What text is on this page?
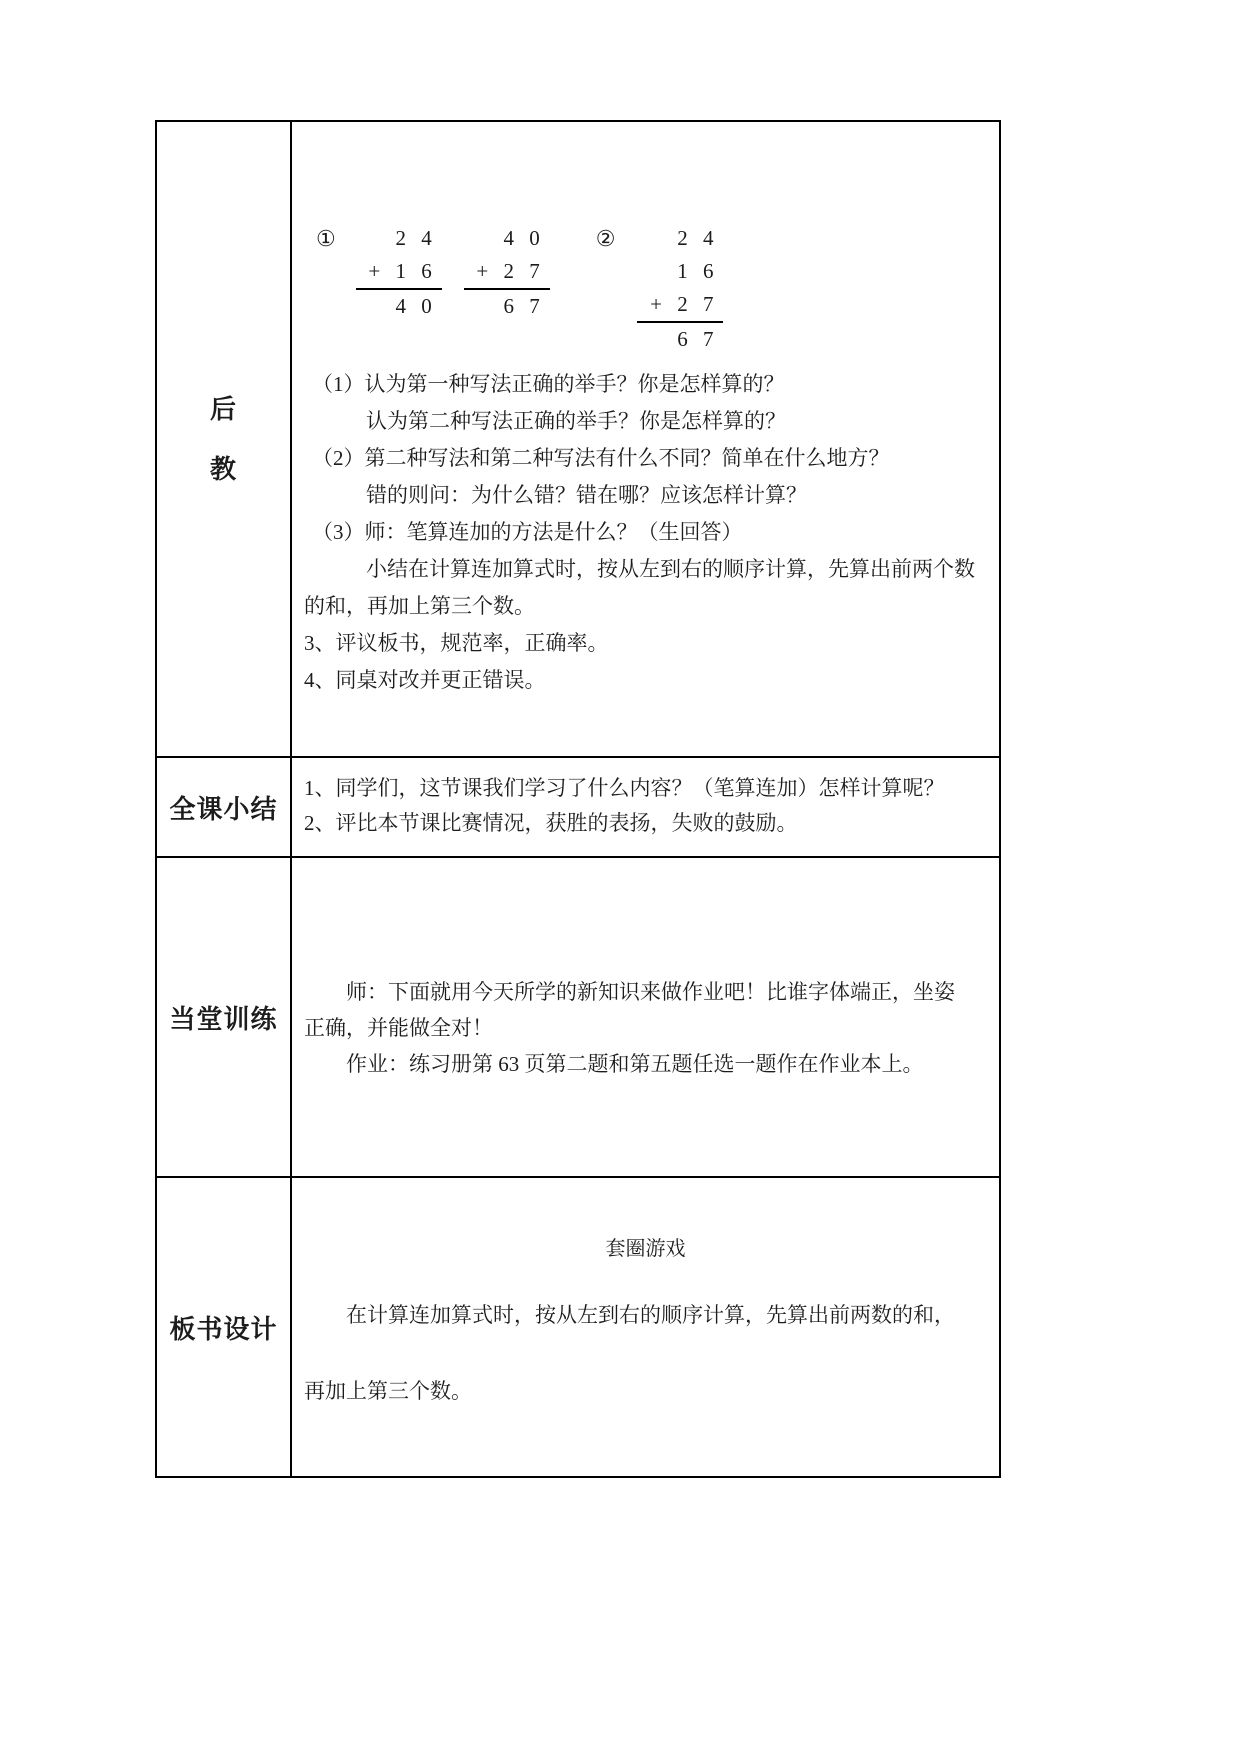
后
教
①	2 4
+ 1 6
4 0
4 0
+ 2 7
6 7
②	2 4
1 6
+ 2 7
6 7
（1）认为第一种写法正确的举手？你是怎样算的？
认为第二种写法正确的举手？你是怎样算的？
（2）第二种写法和第二种写法有什么不同？简单在什么地方？
错的则问：为什么错？错在哪？应该怎样计算？
（3）师：笔算连加的方法是什么？（生回答）
小结在计算连加算式时，按从左到右的顺序计算，先算出前两个数
的和，再加上第三个数。
3、评议板书，规范率，正确率。
4、同桌对改并更正错误。
全课小结
1、同学们，这节课我们学习了什么内容？（笔算连加）怎样计算呢？
2、评比本节课比赛情况，获胜的表扬，失败的鼓励。
当堂训练
师：下面就用今天所学的新知识来做作业吧！比谁字体端正，坐姿
正确，并能做全对！
作业：练习册第 63 页第二题和第五题任选一题作在作业本上。
板书设计
套圈游戏
在计算连加算式时，按从左到右的顺序计算，先算出前两数的和，
再加上第三个数。
